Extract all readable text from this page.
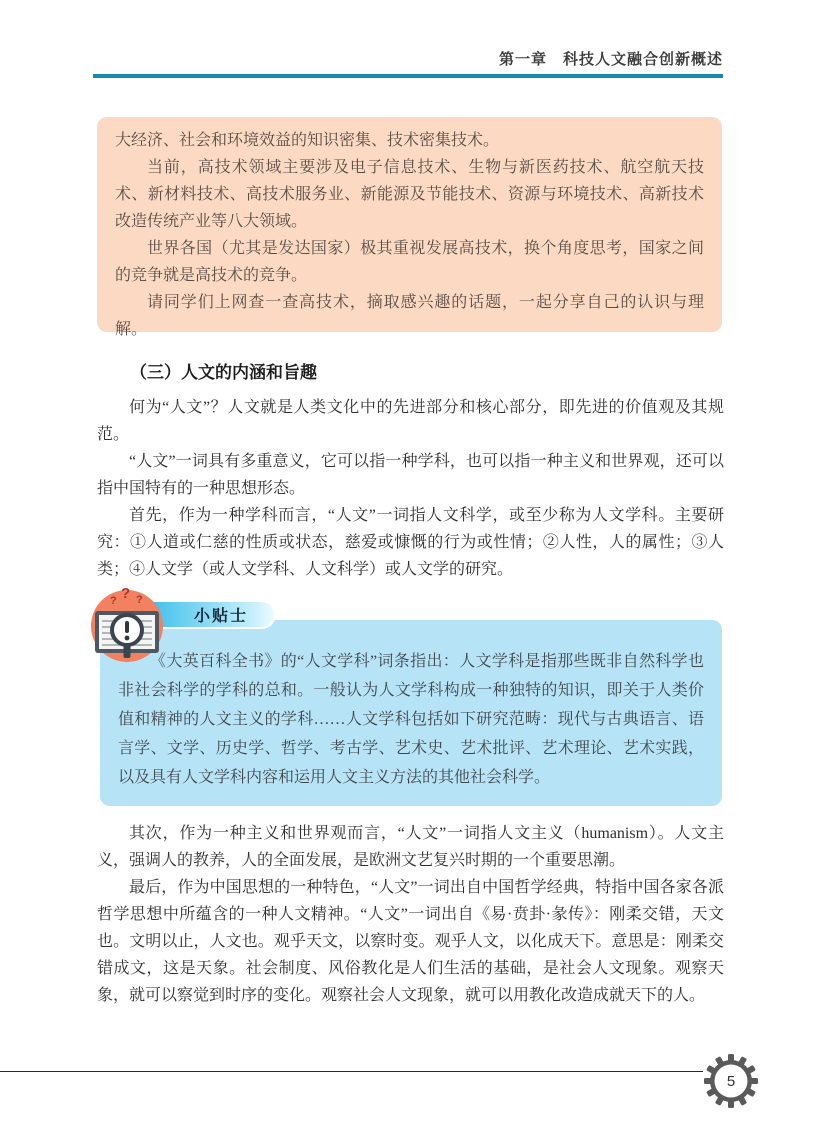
第一章　科技人文融合创新概述

大经济、社会和环境效益的知识密集、技术密集技术。

当前，高技术领域主要涉及电子信息技术、生物与新医药技术、航空航天技术、新材料技术、高技术服务业、新能源及节能技术、资源与环境技术、高新技术改造传统产业等八大领域。

世界各国（尤其是发达国家）极其重视发展高技术，换个角度思考，国家之间的竞争就是高技术的竞争。

请同学们上网查一查高技术，摘取感兴趣的话题，一起分享自己的认识与理解。

（三）人文的内涵和旨趣

何为“人文”？人文就是人类文化中的先进部分和核心部分，即先进的价值观及其规范。

“人文”一词具有多重意义，它可以指一种学科，也可以指一种主义和世界观，还可以指中国特有的一种思想形态。

首先，作为一种学科而言，“人文”一词指人文科学，或至少称为人文学科。主要研究：①人道或仁慈的性质或状态，慈爱或慷慨的行为或性情；②人性，人的属性；③人类；④人文学（或人文学科、人文科学）或人文学的研究。

《大英百科全书》的“人文学科”词条指出：人文学科是指那些既非自然科学也非社会科学的学科的总和。一般认为人文学科构成一种独特的知识，即关于人类价值和精神的人文主义的学科……人文学科包括如下研究范畴：现代与古典语言、语言学、文学、历史学、哲学、考古学、艺术史、艺术批评、艺术理论、艺术实践，以及具有人文学科内容和运用人文主义方法的其他社会科学。

小贴士
? ? ?

其次，作为一种主义和世界观而言，“人文”一词指人文主义（humanism）。人文主义，强调人的教养，人的全面发展，是欧洲文艺复兴时期的一个重要思潮。

最后，作为中国思想的一种特色，“人文”一词出自中国哲学经典，特指中国各家各派哲学思想中所蕴含的一种人文精神。“人文”一词出自《易·贲卦·彖传》：刚柔交错，天文也。文明以止，人文也。观乎天文，以察时变。观乎人文，以化成天下。意思是：刚柔交错成文，这是天象。社会制度、风俗教化是人们生活的基础，是社会人文现象。观察天象，就可以察觉到时序的变化。观察社会人文现象，就可以用教化改造成就天下的人。

5
